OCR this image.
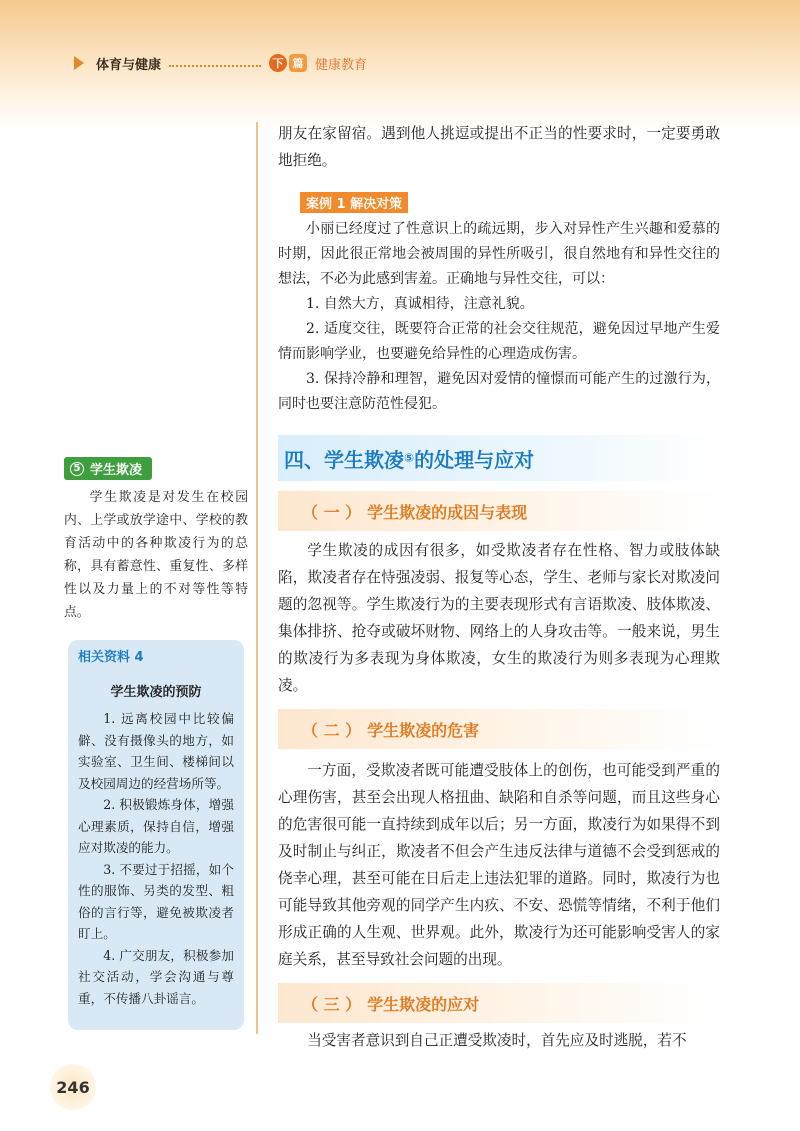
体育与健康	下 篇 健康教育

朋友在家留宿。遇到他人挑逗或提出不正当的性要求时，一定要勇敢地拒绝。

案例 1 解决对策

小丽已经度过了性意识上的疏远期，步入对异性产生兴趣和爱慕的时期，因此很正常地会被周围的异性所吸引，很自然地有和异性交往的想法，不必为此感到害羞。正确地与异性交往，可以：

1. 自然大方，真诚相待，注意礼貌。

2. 适度交往，既要符合正常的社会交往规范，避免因过早地产生爱情而影响学业，也要避免给异性的心理造成伤害。

3. 保持冷静和理智，避免因对爱情的憧憬而可能产生的过激行为，同时也要注意防范性侵犯。

四、学生欺凌 ⑤ 的处理与应对
（ 一 ） 学生欺凌的成因与表现

学生欺凌的成因有很多，如受欺凌者存在性格、智力或肢体缺陷，欺凌者存在恃强凌弱、报复等心态，学生、老师与家长对欺凌问题的忽视等。学生欺凌行为的主要表现形式有言语欺凌、肢体欺凌、集体排挤、抢夺或破坏财物、网络上的人身攻击等。一般来说，男生的欺凌行为多表现为身体欺凌，女生的欺凌行为则多表现为心理欺凌。

（ 二 ） 学生欺凌的危害

一方面，受欺凌者既可能遭受肢体上的创伤，也可能受到严重的心理伤害，甚至会出现人格扭曲、缺陷和自杀等问题，而且这些身心的危害很可能一直持续到成年以后；另一方面，欺凌行为如果得不到及时制止与纠正，欺凌者不但会产生违反法律与道德不会受到惩戒的侥幸心理，甚至可能在日后走上违法犯罪的道路。同时，欺凌行为也可能导致其他旁观的同学产生内疚、不安、恐慌等情绪，不利于他们形成正确的人生观、世界观。此外，欺凌行为还可能影响受害人的家庭关系，甚至导致社会问题的出现。

（ 三 ） 学生欺凌的应对

当受害者意识到自己正遭受欺凌时，首先应及时逃脱，若不

5 学生欺凌

学生欺凌是对发生在校园内、上学或放学途中、学校的教育活动中的各种欺凌行为的总称，具有蓄意性、重复性、多样性以及力量上的不对等性等特点。

相关资料 4
学生欺凌的预防

1. 远离校园中比较偏僻、没有摄像头的地方，如实验室、卫生间、楼梯间以及校园周边的经营场所等。

2. 积极锻炼身体，增强心理素质，保持自信，增强应对欺凌的能力。

3. 不要过于招摇，如个性的服饰、另类的发型、粗俗的言行等，避免被欺凌者盯上。

4. 广交朋友，积极参加社交活动，学会沟通与尊重，不传播八卦谣言。

246
